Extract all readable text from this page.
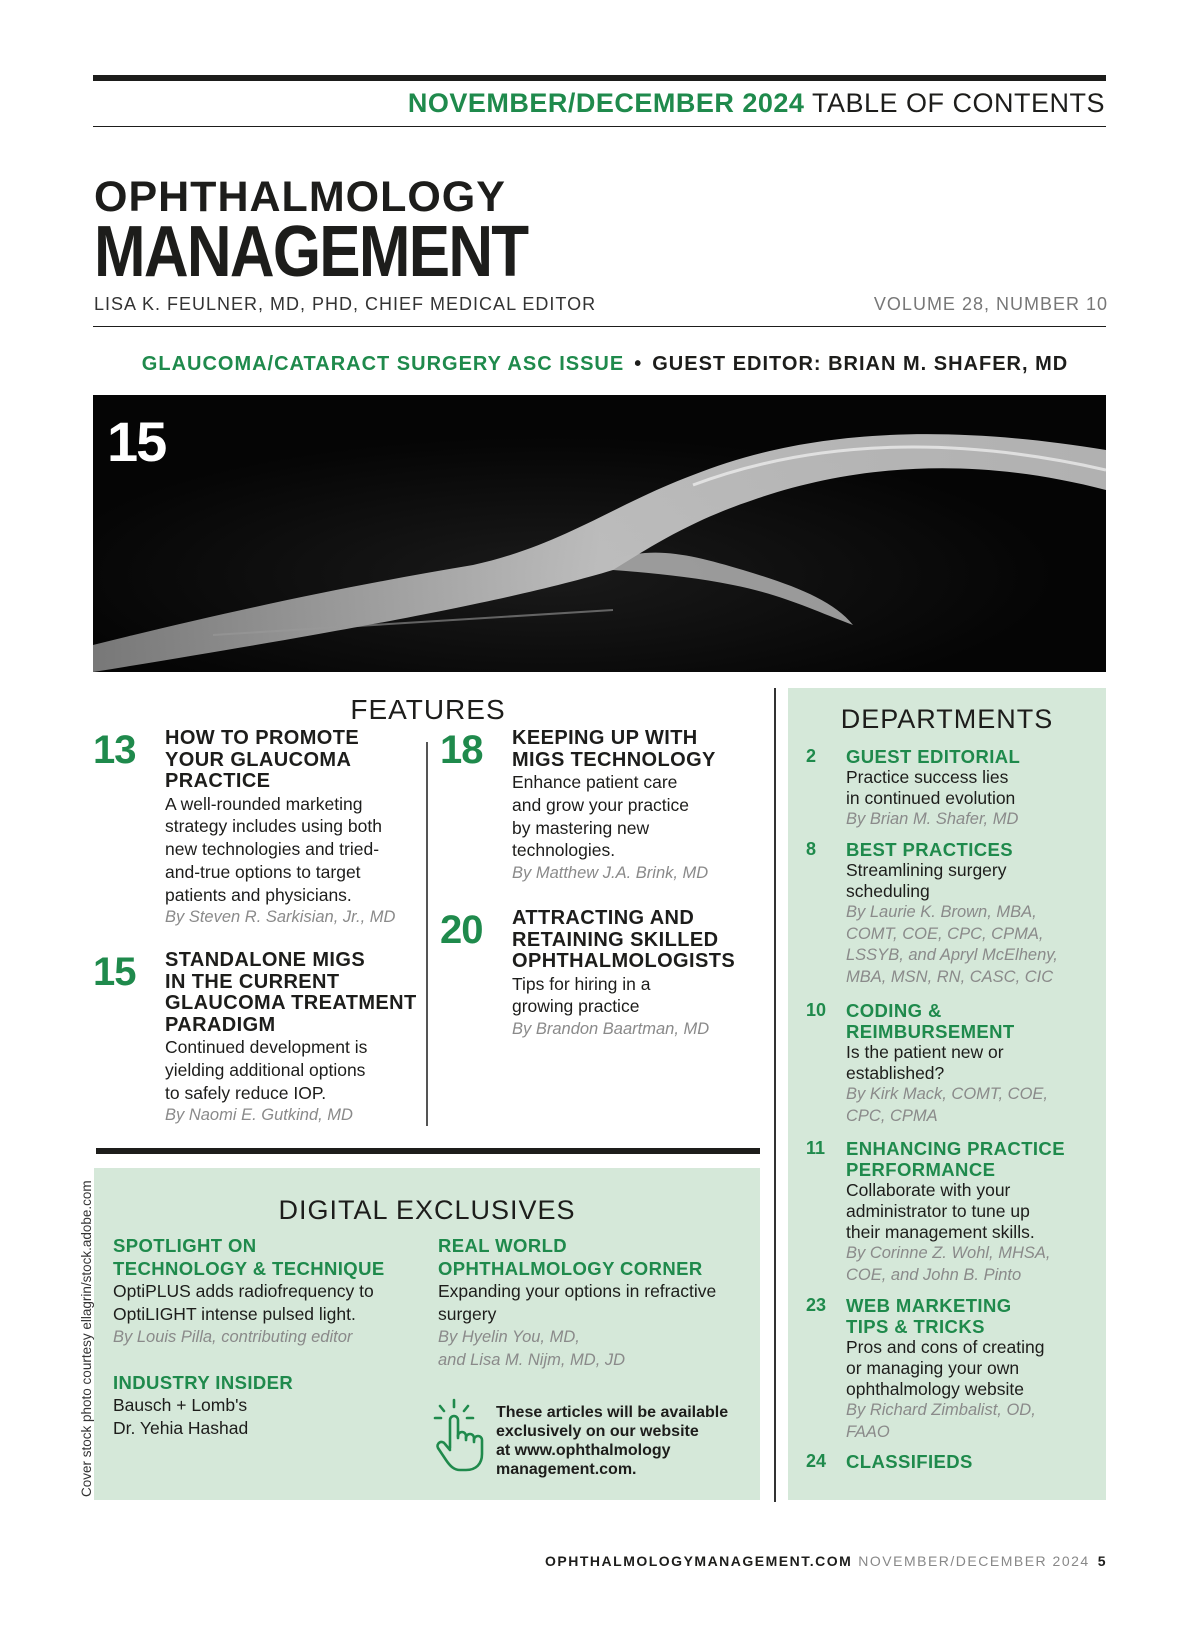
NOVEMBER/DECEMBER 2024 TABLE OF CONTENTS
OPHTHALMOLOGY
MANAGEMENT
LISA K. FEULNER, MD, PHD, CHIEF MEDICAL EDITOR	VOLUME 28, NUMBER 10
GLAUCOMA/CATARACT SURGERY ASC ISSUE • GUEST EDITOR: BRIAN M. SHAFER, MD
15
FEATURES
13 HOW TO PROMOTE
YOUR GLAUCOMA
PRACTICE
A well-rounded marketing
strategy includes using both
new technologies and tried-
and-true options to target
patients and physicians.
By Steven R. Sarkisian, Jr., MD
15 STANDALONE MIGS
IN THE CURRENT
GLAUCOMA TREATMENT
PARADIGM
Continued development is
yielding additional options
to safely reduce IOP.
By Naomi E. Gutkind, MD
18 KEEPING UP WITH
MIGS TECHNOLOGY
Enhance patient care
and grow your practice
by mastering new
technologies.
By Matthew J.A. Brink, MD
20 ATTRACTING AND
RETAINING SKILLED
OPHTHALMOLOGISTS
Tips for hiring in a
growing practice
By Brandon Baartman, MD
DEPARTMENTS
2 GUEST EDITORIAL
Practice success lies
in continued evolution
By Brian M. Shafer, MD
8 BEST PRACTICES
Streamlining surgery
scheduling
By Laurie K. Brown, MBA,
COMT, COE, CPC, CPMA,
LSSYB, and Apryl McElheny,
MBA, MSN, RN, CASC, CIC
10 CODING &
REIMBURSEMENT
Is the patient new or
established?
By Kirk Mack, COMT, COE,
CPC, CPMA
11 ENHANCING PRACTICE
PERFORMANCE
Collaborate with your
administrator to tune up
their management skills.
By Corinne Z. Wohl, MHSA,
COE, and John B. Pinto
23 WEB MARKETING
TIPS & TRICKS
Pros and cons of creating
or managing your own
ophthalmology website
By Richard Zimbalist, OD,
FAAO
24 CLASSIFIEDS
DIGITAL EXCLUSIVES
SPOTLIGHT ON
TECHNOLOGY & TECHNIQUE
OptiPLUS adds radiofrequency to
OptiLIGHT intense pulsed light.
By Louis Pilla, contributing editor
INDUSTRY INSIDER
Bausch + Lomb's
Dr. Yehia Hashad
REAL WORLD
OPHTHALMOLOGY CORNER
Expanding your options in refractive
surgery
By Hyelin You, MD,
and Lisa M. Nijm, MD, JD
These articles will be available
exclusively on our website
at www.ophthalmology
management.com.
Cover stock photo courtesy ellagrin/stock.adobe.com
OPHTHALMOLOGYMANAGEMENT.COM NOVEMBER/DECEMBER 2024 5
